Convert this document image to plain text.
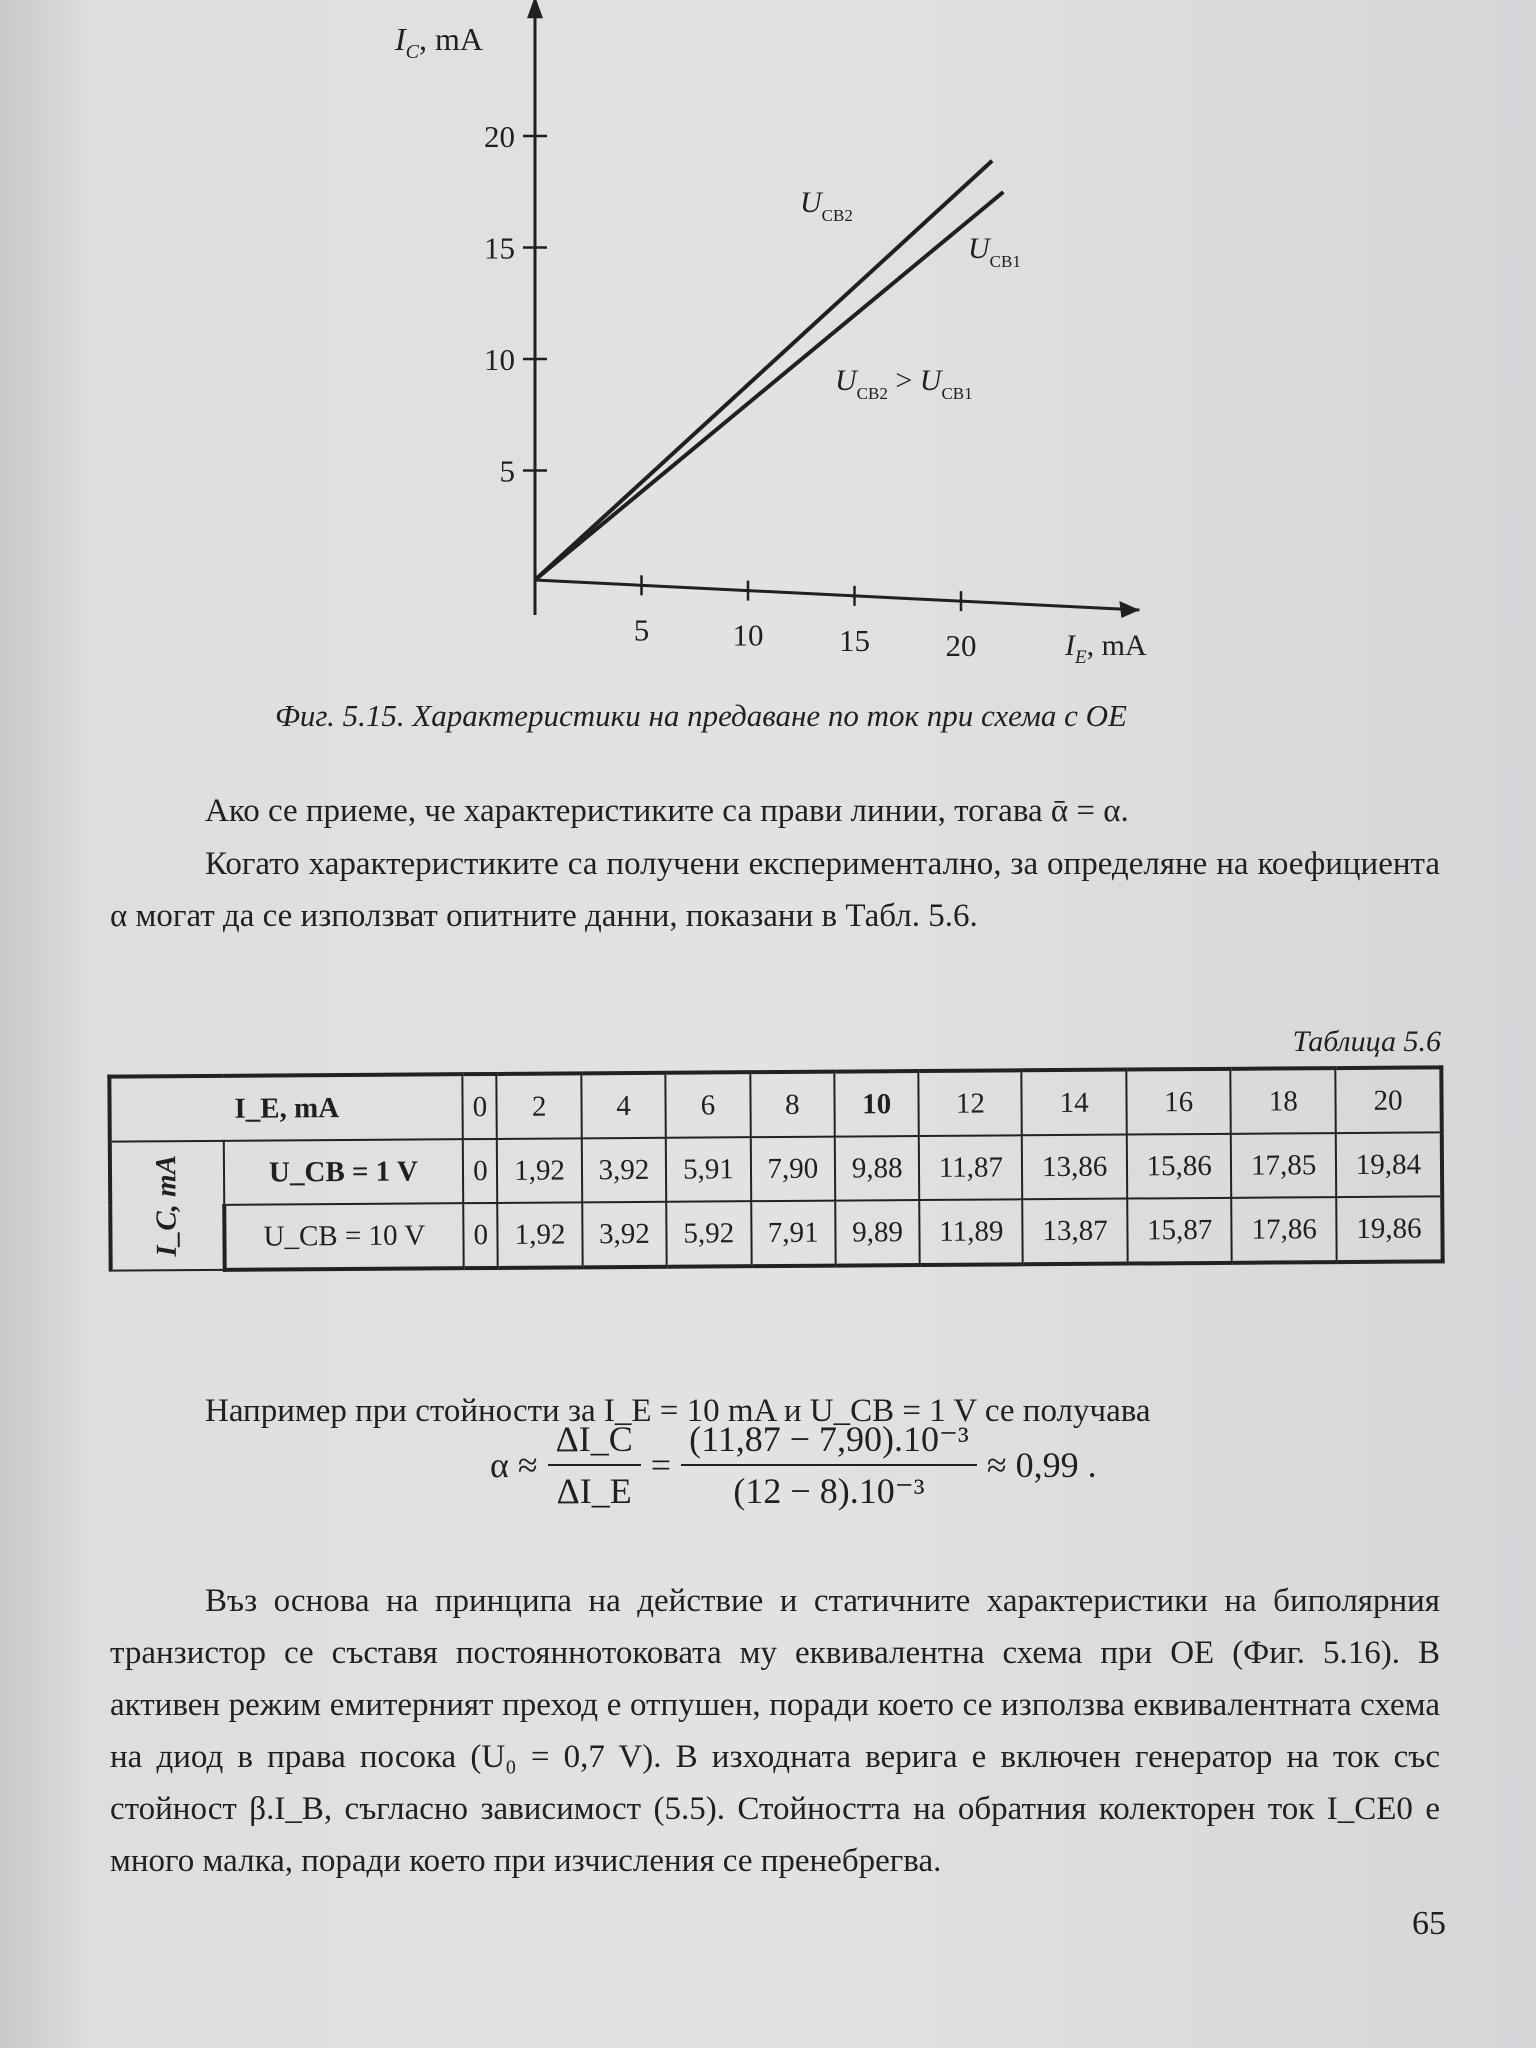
5	10 15 20
5
10
15
20
$I_C$, mA
$I_E$, mA
$U_{CB2}$
$U_{CB1}$
$U_{CB2} > U_{CB1}$
Фиг. 5.15. Характеристики на предаване по ток при схема с ОЕ
Ако се приеме, че характеристиките са прави линии, тогава ᾱ = α.
Когато характеристиките са получени експериментално, за определяне на коефициента α могат да се използват опитните данни, показани в Табл. 5.6.
Таблица 5.6
I_E, mA		0	2	4	6	8	10	12	14	16	18	20
I_C, mA	U_CB = 1 V	0	1,92	3,92	5,91	7,90	9,88	11,87	13,86	15,86	17,85	19,84
	U_CB = 10 V	0	1,92	3,92	5,92	7,91	9,89	11,89	13,87	15,87	17,86	19,86
Например при стойности за I_E = 10 mA и U_CB = 1 V се получава
$\alpha \approx \frac{\Delta I\_C}{\Delta I\_E} = \frac{\text{(11,87 − 7,90).10⁻³}}{\text{(12 − 8).10⁻³}} \approx 0,99$ .
Въз основа на принципа на действие и статичните характеристики на биполярния транзистор се съставя постояннотоковата му еквивалентна схема при ОЕ (Фиг. 5.16). В активен режим емитерният преход е отпушен, поради което се използва еквивалентната схема на диод в права посока (U₀ = 0,7 V). В изходната верига е включен генератор на ток със стойност β.I_B, съгласно зависимост (5.5). Стойността на обратния колекторен ток I_CE0 е много малка, поради което при изчисления се пренебрегва.
65
